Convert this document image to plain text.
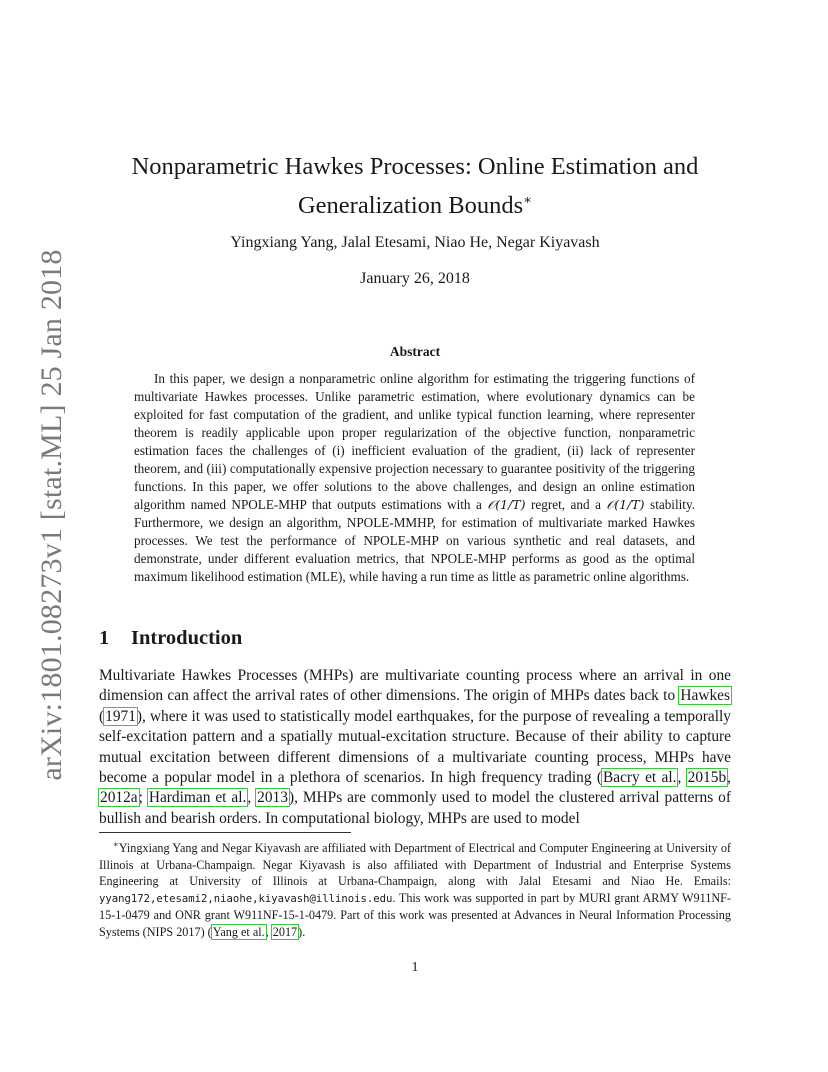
arXiv:1801.08273v1 [stat.ML] 25 Jan 2018
Nonparametric Hawkes Processes: Online Estimation and
Generalization Bounds∗
Yingxiang Yang, Jalal Etesami, Niao He, Negar Kiyavash
January 26, 2018
Abstract
In this paper, we design a nonparametric online algorithm for estimating the triggering functions of multivariate Hawkes processes. Unlike parametric estimation, where evolutionary dynamics can be exploited for fast computation of the gradient, and unlike typical function learning, where representer theorem is readily applicable upon proper regularization of the objective function, nonparametric estimation faces the challenges of (i) inefficient evaluation of the gradient, (ii) lack of representer theorem, and (iii) computationally expensive projection necessary to guarantee positivity of the triggering functions. In this paper, we offer solutions to the above challenges, and design an online estimation algorithm named NPOLE-MHP that outputs estimations with a 𝒪(1/T) regret, and a 𝒪(1/T) stability. Furthermore, we design an algorithm, NPOLE-MMHP, for estimation of multivariate marked Hawkes processes. We test the performance of NPOLE-MHP on various synthetic and real datasets, and demonstrate, under different evaluation metrics, that NPOLE-MHP performs as good as the optimal maximum likelihood estimation (MLE), while having a run time as little as parametric online algorithms.
1 Introduction
Multivariate Hawkes Processes (MHPs) are multivariate counting process where an arrival in one dimension can affect the arrival rates of other dimensions. The origin of MHPs dates back to Hawkes (1971), where it was used to statistically model earthquakes, for the purpose of revealing a temporally self-excitation pattern and a spatially mutual-excitation structure. Because of their ability to capture mutual excitation between different dimensions of a multivariate counting process, MHPs have become a popular model in a plethora of scenarios. In high frequency trading (Bacry et al., 2015b, 2012a; Hardiman et al., 2013), MHPs are commonly used to model the clustered arrival patterns of bullish and bearish orders. In computational biology, MHPs are used to model
∗Yingxiang Yang and Negar Kiyavash are affiliated with Department of Electrical and Computer Engineering at University of Illinois at Urbana-Champaign. Negar Kiyavash is also affiliated with Department of Industrial and Enterprise Systems Engineering at University of Illinois at Urbana-Champaign, along with Jalal Etesami and Niao He. Emails: yyang172,etesami2,niaohe,kiyavash@illinois.edu. This work was supported in part by MURI grant ARMY W911NF-15-1-0479 and ONR grant W911NF-15-1-0479. Part of this work was presented at Advances in Neural Information Processing Systems (NIPS 2017) (Yang et al., 2017).
1
